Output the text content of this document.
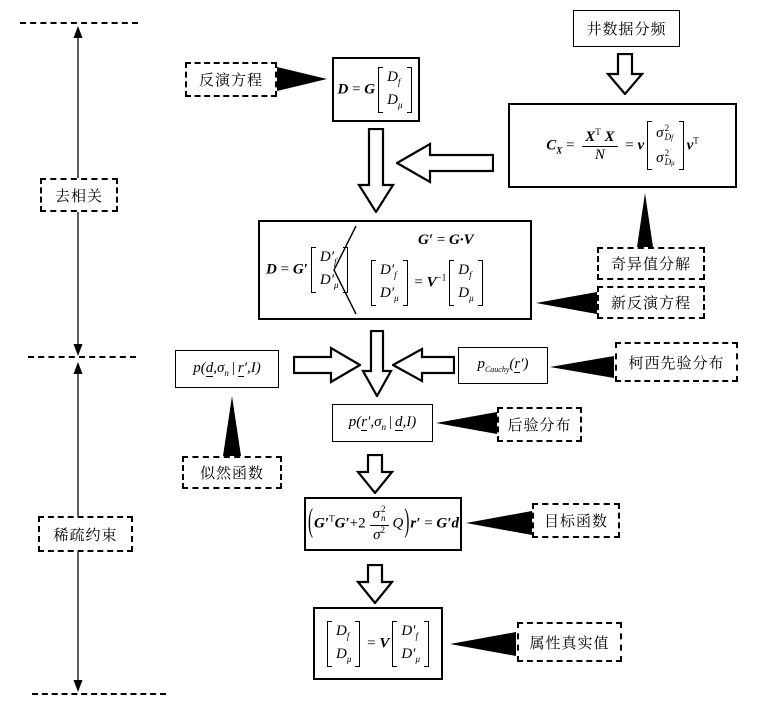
去相关
稀疏约束
反演方程	D = G
$D_f$
$D_\mu$
井数据分频
$C_X = \frac{X^T X}{N} = v$
σ 2
Df
σ 2
Dμ
$v^T$
D = G′
$D'_f$
$D'_\mu$
G′ = G·V
$D'_f$
$D'_\mu$
= $V^{-1}$ $D_f$
$D_\mu$
奇异值分解
新反演方程
$p(d,\sigma_n$ | r′,I)	$p_{Cauchy}(r')$	柯西先验分布
似然函数
$p(r',\sigma_n$ | d,I)	后验分布
($G'^TG'+2$ σ 2
n
$\sigma^2$ Q)r′ = G′d	目标函数
$D_f$
$D_\mu$
= V
$D'_f$
$D'_\mu$
属性真实值
